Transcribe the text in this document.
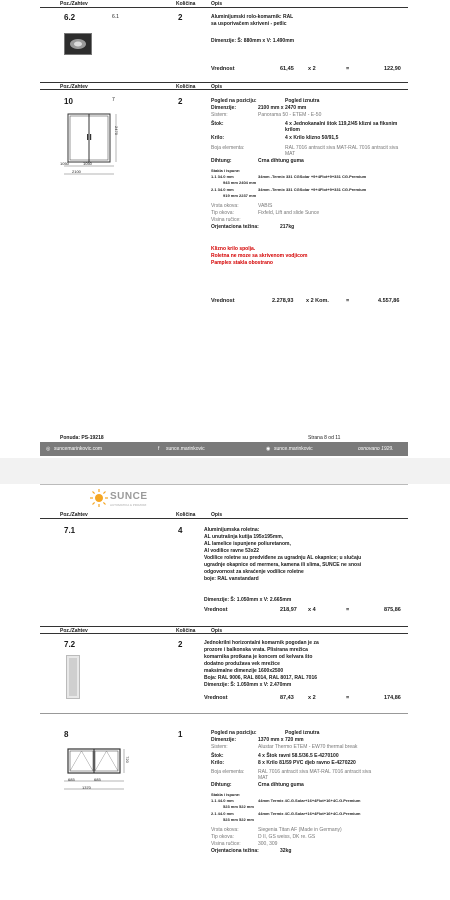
Poz./Zahtev	Količina	Opis
6.2	6.1	2	Aluminijumski rolo-komarnik: RAL
sa usporivačem skriveni - petlic
Dimenzije: Š: 880mm x V: 1.490mm
Vrednost	61,45	x 2	=	122,90
Poz./Zahtev	Količina	Opis
10	7	2
1050	1050
2100
2470
Pogled na poziciju:	Pogled iznutra
Dimenzije:	2100 mm x 2470 mm
Sistem:	Panorama 50 - ETEM - E-50
Štok:	4 x Jednokanalni štok 119,2/45 klizni sa fiksnim
krilom
Krilo:	4 x Krilo klizno 50/91,5
Boja elementa:	RAL 7016 antracit siva MAT-RAL 7016 antracit siva
MAT
Dihtung:	Crna dihtung guma
Stakla i ispune:
1.1 34.0 mm	34mm -Termix 331 CGSolar +9+4Flot+9+331 CG.Premium
943 mm 2404 mm
2.1 34.0 mm	34mm -Termix 331 CGSolar +9+4Flot+9+331 CG.Premium
919 mm 2237 mm
Vrsta okova:	VABIS
Tip okova:	Fixfeld, Lift and slide Sunce
Visina ručice:
Orjentaciona težina:	217kg
Klizno krilo spolja.
Roletna ne moze sa skrivenom vodjicom
Pamplex stakla obostrano
Vrednost	2.278,93 x 2 Kom.	=	4.557,86
Ponuda: PS-19218	Strana 8 od 11
◎ suncemarinkovic.com	f sunce.marinkovic	◉ sunce.marinkovic	osnovano 1929.
SUNCE
AUTOMATIKA & PROZORI
Poz./Zahtev	Količina	Opis
7.1	4	Aluminijumska roletna:
AL unutrašnja kutija 195x195mm,
AL lamelice ispunjene poliuretanom,
Al vodilice ravne 53x22
Vodilice roletne su predviđene za ugradnju AL okapnice; u slučaju
ugradnje okapnice od mermera, kamena ili slima, SUNCE ne snosi
odgovornost za skraćenje vodilice roletne
boje: RAL vanstandard
Dimenzije: Š: 1.050mm x V: 2.665mm
Vrednost	218,97 x 4	=	875,86
Poz./Zahtev	Količina	Opis
7.2	2	Jednokrilni horizontalni komarnik pogodan je za
prozore i balkonska vrata. Plisirana mrežica
komarnika protkana je koncem od kelvara što
dodatno produžava vek mrežice
maksimalne dimenzije 1600x2500
Boja: RAL 9006, RAL 8014, RAL 8017, RAL 7016
Dimenzije: Š: 1.050mm x V: 2.470mm
Vrednost	87,43	x 2	=	174,86
8	1
685	685
1370
720
Pogled na poziciju:	Pogled iznutra
Dimenzije:	1370 mm x 720 mm
Sistem:	Alustar Thermo ETEM - EW70 thermal break
Štok:	4 x Štok ravni 58.5/36.5 E-4270100
Krilo:	8 x Krilo 81/59 PVC djeb ravno E-4270220
Boja elementa:	RAL 7016 antracit siva MAT-RAL 7016 antracit siva
MAT
Dihtung:	Crna dihtung guma
Stakla i ispune:
1.1 44.0 mm	44mm Termix 4C.G.Solar+16+4Flot+16+4C.G.Premium
523 mm 522 mm
2.1 44.0 mm	44mm Termix 4C.G.Solar+16+4Flot+16+4C.G.Premium
523 mm 522 mm
Vrsta okova:	Siegenia Titan AF (Made in Germany)
Tip okova:	D II, GS weiss, DK re. GS
Visina ručice:	300, 309
Orjentaciona težina:	32kg
